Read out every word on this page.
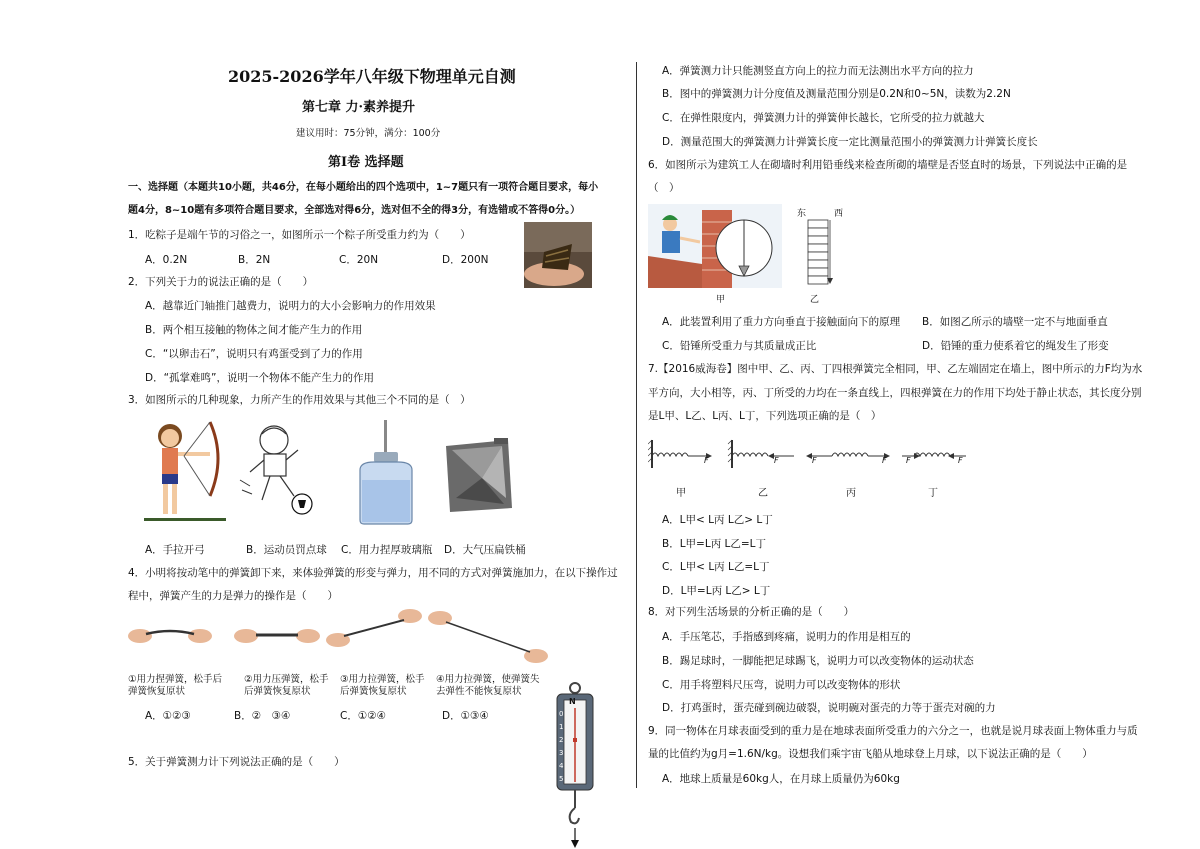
2025-2026学年八年级下物理单元自测
第七章 力·素养提升
建议用时：75分钟，满分：100分
第Ⅰ卷 选择题
一、选择题（本题共10小题，共46分，在每小题给出的四个选项中，1~7题只有一项符合题目要求，每小
题4分，8~10题有多项符合题目要求，全部选对得6分，选对但不全的得3分，有选错或不答得0分。）
1．吃粽子是端午节的习俗之一，如图所示一个粽子所受重力约为（　　）
A．0.2N	B．2N	C．20N	D．200N
2．下列关于力的说法正确的是（　　）
A．越靠近门轴推门越费力，说明力的大小会影响力的作用效果
B．两个相互接触的物体之间才能产生力的作用
C．“以卵击石”，说明只有鸡蛋受到了力的作用
D．“孤掌难鸣”，说明一个物体不能产生力的作用
3．如图所示的几种现象，力所产生的作用效果与其他三个不同的是（　）
A．手拉开弓	B．运动员罚点球 C．用力捏厚玻璃瓶 D．大气压扁铁桶
4．小明将按动笔中的弹簧卸下来，来体验弹簧的形变与弹力，用不同的方式对弹簧施加力，在以下操作过
程中，弹簧产生的力是弹力的操作是（　　）
①用力捏弹簧，松手后弹簧恢复原状
②用力压弹簧，松手后弹簧恢复原状
③用力拉弹簧，松手后弹簧恢复原状
④用力拉弹簧，使弹簧失去弹性不能恢复原状
A．①②③	B．②　③④	C．①②④	D．①③④
5．关于弹簧测力计下列说法正确的是（　　）
N
0
1
2
3
4
5
A．弹簧测力计只能测竖直方向上的拉力而无法测出水平方向的拉力
B．图中的弹簧测力计分度值及测量范围分别是0.2N和0~5N，读数为2.2N
C．在弹性限度内，弹簧测力计的弹簧伸长越长，它所受的拉力就越大
D．测量范围大的弹簧测力计弹簧长度一定比测量范围小的弹簧测力计弹簧长度长
6．如图所示为建筑工人在砌墙时利用铅垂线来检查所砌的墙壁是否竖直时的场景，下列说法中正确的是
（　）
东	西
甲	乙
A．此装置利用了重力方向垂直于接触面向下的原理 B．如图乙所示的墙壁一定不与地面垂直
C．铅锤所受重力与其质量成正比	D．铅锤的重力使系着它的绳发生了形变
7.【2016威海卷】图中甲、乙、丙、丁四根弹簧完全相同，甲、乙左端固定在墙上，图中所示的力F均为水
平方向，大小相等，丙、丁所受的力均在一条直线上，四根弹簧在力的作用下均处于静止状态，其长度分别
是L甲、L乙、L丙、L丁，下列选项正确的是（　）
F	F	F	F F	F
甲	乙	丙	丁
A．L甲< L丙 L乙> L丁
B．L甲=L丙 L乙=L丁
C．L甲< L丙 L乙=L丁
D．L甲=L丙 L乙> L丁
8．对下列生活场景的分析正确的是（　　）
A．手压笔芯，手指感到疼痛，说明力的作用是相互的
B．踢足球时，一脚能把足球踢飞，说明力可以改变物体的运动状态
C．用手将塑料尺压弯，说明力可以改变物体的形状
D．打鸡蛋时，蛋壳碰到碗边破裂，说明碗对蛋壳的力等于蛋壳对碗的力
9．同一物体在月球表面受到的重力是在地球表面所受重力的六分之一，也就是说月球表面上物体重力与质
量的比值约为g月=1.6N/kg。设想我们乘宇宙飞船从地球登上月球，以下说法正确的是（　　）
A．地球上质量是60kg人，在月球上质量仍为60kg
